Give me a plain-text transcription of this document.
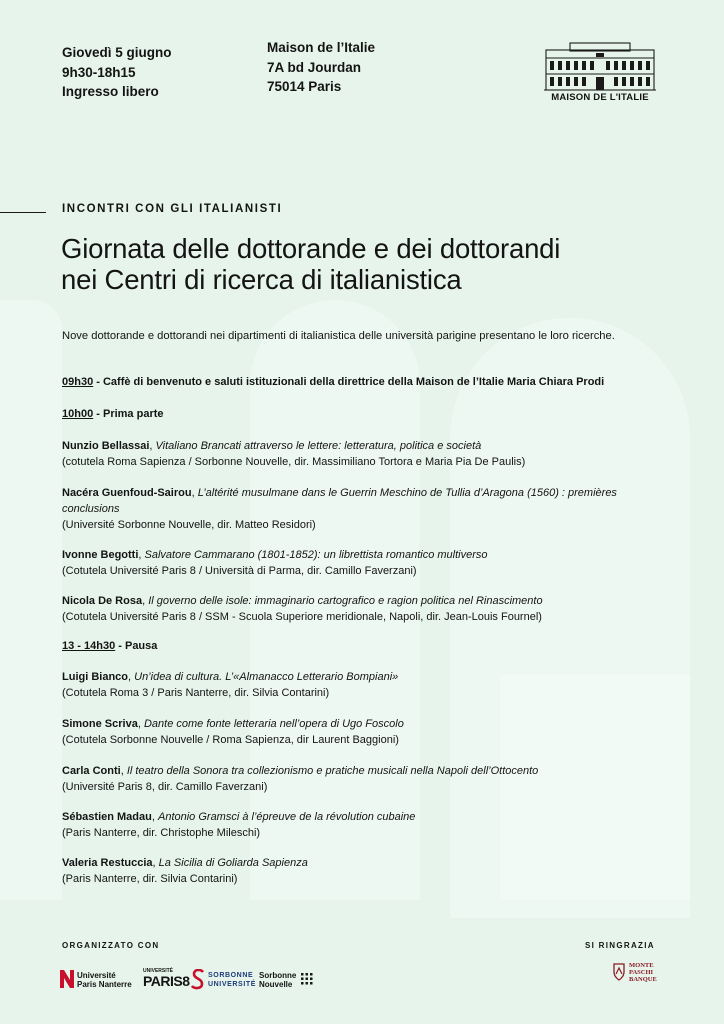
Giovedì 5 giugno
9h30-18h15
Ingresso libero
Maison de l’Italie
7A bd Jourdan
75014 Paris
MAISON DE L'ITALIE
INCONTRI CON GLI ITALIANISTI
Giornata delle dottorande e dei dottorandi
nei Centri di ricerca di italianistica
Nove dottorande e dottorandi nei dipartimenti di italianistica delle università parigine presentano le loro ricerche.
09h30 - Caffè di benvenuto e saluti istituzionali della direttrice della Maison de l’Italie Maria Chiara Prodi
10h00 - Prima parte
Nunzio Bellassai, Vitaliano Brancati attraverso le lettere: letteratura, politica e società
(cotutela Roma Sapienza / Sorbonne Nouvelle, dir. Massimiliano Tortora e Maria Pia De Paulis)
Nacéra Guenfoud-Sairou, L’altérité musulmane dans le Guerrin Meschino de Tullia d’Aragona (1560) : premières conclusions
(Université Sorbonne Nouvelle, dir. Matteo Residori)
Ivonne Begotti, Salvatore Cammarano (1801-1852): un librettista romantico multiverso
(Cotutela Université Paris 8 / Università di Parma, dir. Camillo Faverzani)
Nicola De Rosa, Il governo delle isole: immaginario cartografico e ragion politica nel Rinascimento
(Cotutela Université Paris 8 / SSM - Scuola Superiore meridionale, Napoli, dir. Jean-Louis Fournel)
13 - 14h30 - Pausa
Luigi Bianco, Un’idea di cultura. L’«Almanacco Letterario Bompiani»
(Cotutela Roma 3 / Paris Nanterre, dir. Silvia Contarini)
Simone Scriva, Dante come fonte letteraria nell’opera di Ugo Foscolo
(Cotutela Sorbonne Nouvelle / Roma Sapienza, dir Laurent Baggioni)
Carla Conti, Il teatro della Sonora tra collezionismo e pratiche musicali nella Napoli dell’Ottocento
(Université Paris 8, dir. Camillo Faverzani)
Sébastien Madau, Antonio Gramsci à l’épreuve de la révolution cubaine
(Paris Nanterre, dir. Christophe Mileschi)
Valeria Restuccia, La Sicilia di Goliarda Sapienza
(Paris Nanterre, dir. Silvia Contarini)
ORGANIZZATO CON	SI RINGRAZIA
Université
Paris Nanterre
UNIVERSITÉ
PARIS8	SORBONNE
UNIVERSITÉ
Sorbonne
Nouvelle
MONTE
PASCHI
BANQUE
